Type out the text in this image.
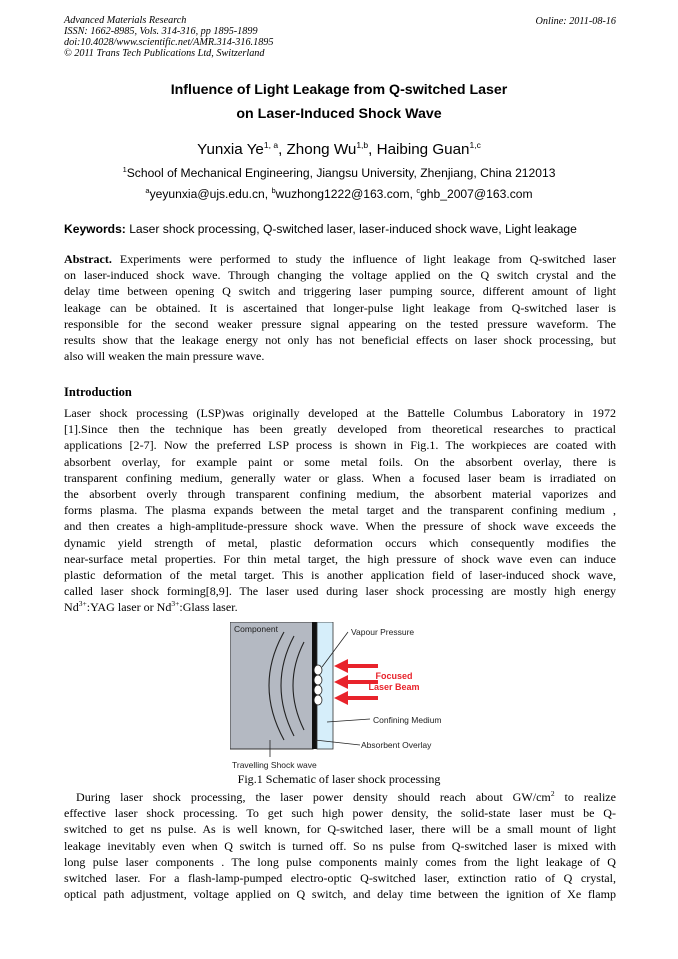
Advanced Materials Research
ISSN: 1662-8985, Vols. 314-316, pp 1895-1899
doi:10.4028/www.scientific.net/AMR.314-316.1895
© 2011 Trans Tech Publications Ltd, Switzerland
Online: 2011-08-16
Influence of Light Leakage from Q-switched Laser
on Laser-Induced Shock Wave
Yunxia Ye$^{1, a}$, Zhong Wu$^{1,b}$, Haibing Guan$^{1,c}$
$^1$School of Mechanical Engineering, Jiangsu University, Zhenjiang, China 212013
$^a$yeyunxia@ujs.edu.cn, $^b$wuzhong1222@163.com, $^c$ghb_2007@163.com
Keywords: Laser shock processing, Q-switched laser, laser-induced shock wave, Light leakage
Abstract. Experiments were performed to study the influence of light leakage from Q-switched laser
on laser-induced shock wave. Through changing the voltage applied on the Q switch crystal and the
delay time between opening Q switch and triggering laser pumping source, different amount of light
leakage can be obtained. It is ascertained that longer-pulse light leakage from Q-switched laser is
responsible for the second weaker pressure signal appearing on the tested pressure waveform. The
results show that the leakage energy not only has not beneficial effects on laser shock processing, but
also will weaken the main pressure wave.
Introduction
Laser shock processing (LSP)was originally developed at the Battelle Columbus Laboratory in 1972
[1].Since then the technique has been greatly developed from theoretical researches to practical
applications [2-7]. Now the preferred LSP process is shown in Fig.1. The workpieces are coated with
absorbent overlay, for example paint or some metal foils. On the absorbent overlay, there is
transparent confining medium, generally water or glass. When a focused laser beam is irradiated on
the absorbent overly through transparent confining medium, the absorbent material vaporizes and
forms plasma. The plasma expands between the metal target and the transparent confining medium ,
and then creates a high-amplitude-pressure shock wave. When the pressure of shock wave exceeds the
dynamic yield strength of metal, plastic deformation occurs which consequently modifies the
near-surface metal properties. For thin metal target, the high pressure of shock wave even can induce
plastic deformation of the metal target. This is another application field of laser-induced shock wave,
called laser shock forming[8,9]. The laser used during laser shock processing are mostly high energy
$Nd^{3+}:YAG$ laser or $Nd^{3+}:Glass$ laser.
Component	Vapour Pressure
Focused
Laser Beam
Confining Medium
Absorbent Overlay
Travelling Shock wave
Fig.1 Schematic of laser shock processing
During laser shock processing, the laser power density should reach about $GW/cm^2$ to realize
effective laser shock processing. To get such high power density, the solid-state laser must be Q-
switched to get ns pulse. As is well known, for Q-switched laser, there will be a small mount of light
leakage inevitably even when Q switch is turned off. So ns pulse from Q-switched laser is mixed with
long pulse laser components . The long pulse components mainly comes from the light leakage of Q
switched laser. For a flash-lamp-pumped electro-optic Q-switched laser, extinction ratio of Q crystal,
optical path adjustment, voltage applied on Q switch, and delay time between the ignition of Xe flamp
